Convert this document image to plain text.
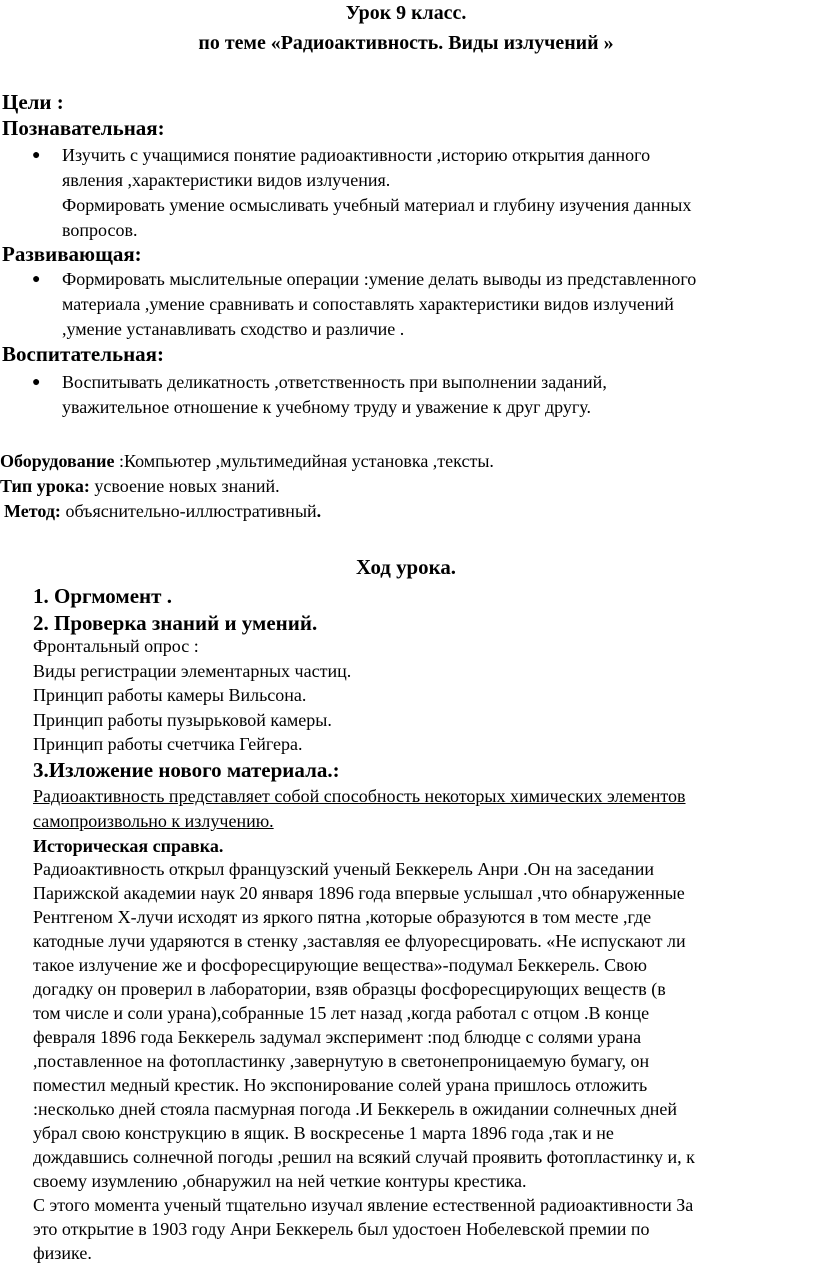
Урок 9 класс.
по теме «Радиоактивность. Виды излучений »
Цели :
Познавательная:
● Изучить с учащимися понятие радиоактивности ,историю открытия данного
явления ,характеристики видов излучения.
Формировать умение осмысливать учебный материал и глубину изучения данных
вопросов.
Развивающая:
● Формировать мыслительные операции :умение делать выводы из представленного
материала ,умение сравнивать и сопоставлять характеристики видов излучений
,умение устанавливать сходство и различие .
Воспитательная:
● Воспитывать деликатность ,ответственность при выполнении заданий,
уважительное отношение к учебному труду и уважение к друг другу.
Оборудование :Компьютер ,мультимедийная установка ,тексты.
Тип урока: усвоение новых знаний.
Метод: объяснительно-иллюстративный.
Ход урока.
1. Оргмомент .
2. Проверка знаний и умений.
Фронтальный опрос :
Виды регистрации элементарных частиц.
Принцип работы камеры Вильсона.
Принцип работы пузырьковой камеры.
Принцип работы счетчика Гейгера.
3.Изложение нового материала.:
Радиоактивность представляет собой способность некоторых химических элементов
самопроизвольно к излучению.
Историческая справка.
Радиоактивность открыл французский ученый Беккерель Анри .Он на заседании
Парижской академии наук 20 января 1896 года впервые услышал ,что обнаруженные
Рентгеном Х-лучи исходят из яркого пятна ,которые образуются в том месте ,где
катодные лучи ударяются в стенку ,заставляя ее флуоресцировать. «Не испускают ли
такое излучение же и фосфоресцирующие вещества»-подумал Беккерель. Свою
догадку он проверил в лаборатории, взяв образцы фосфоресцирующих веществ (в
том числе и соли урана),собранные 15 лет назад ,когда работал с отцом .В конце
февраля 1896 года Беккерель задумал эксперимент :под блюдце с солями урана
,поставленное на фотопластинку ,завернутую в светонепроницаемую бумагу, он
поместил медный крестик. Но экспонирование солей урана пришлось отложить
:несколько дней стояла пасмурная погода .И Беккерель в ожидании солнечных дней
убрал свою конструкцию в ящик. В воскресенье 1 марта 1896 года ,так и не
дождавшись солнечной погоды ,решил на всякий случай проявить фотопластинку и, к
своему изумлению ,обнаружил на ней четкие контуры крестика.
С этого момента ученый тщательно изучал явление естественной радиоактивности За
это открытие в 1903 году Анри Беккерель был удостоен Нобелевской премии по
физике.
